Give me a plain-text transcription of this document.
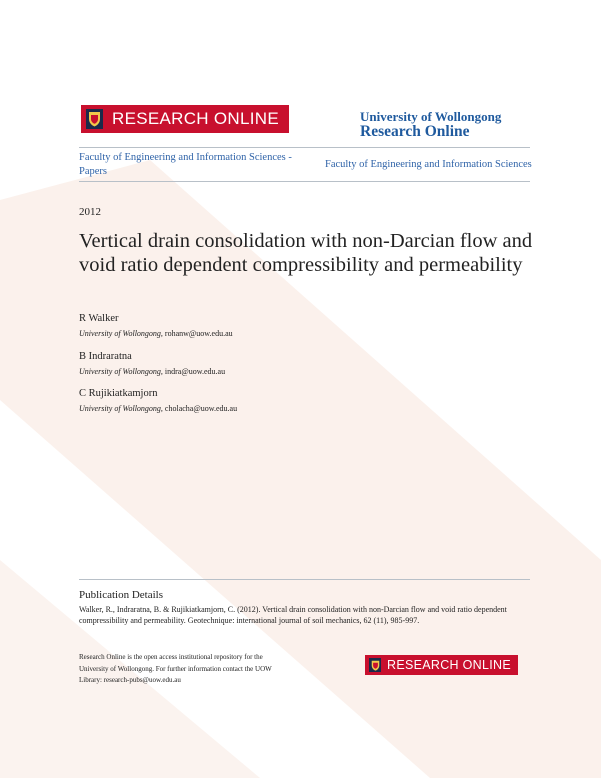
RESEARCH ONLINE	University of Wollongong
Research Online
Faculty of Engineering and Information Sciences - Papers
Faculty of Engineering and Information Sciences
2012
Vertical drain consolidation with non-Darcian flow and void ratio dependent compressibility and permeability
R Walker
University of Wollongong, rohanw@uow.edu.au
B Indraratna
University of Wollongong, indra@uow.edu.au
C Rujikiatkamjorn
University of Wollongong, cholacha@uow.edu.au
Publication Details
Walker, R., Indraratna, B. & Rujikiatkamjorn, C. (2012). Vertical drain consolidation with non-Darcian flow and void ratio dependent compressibility and permeability. Geotechnique: international journal of soil mechanics, 62 (11), 985-997.
Research Online is the open access institutional repository for the
University of Wollongong. For further information contact the UOW
Library: research-pubs@uow.edu.au
RESEARCH ONLINE
